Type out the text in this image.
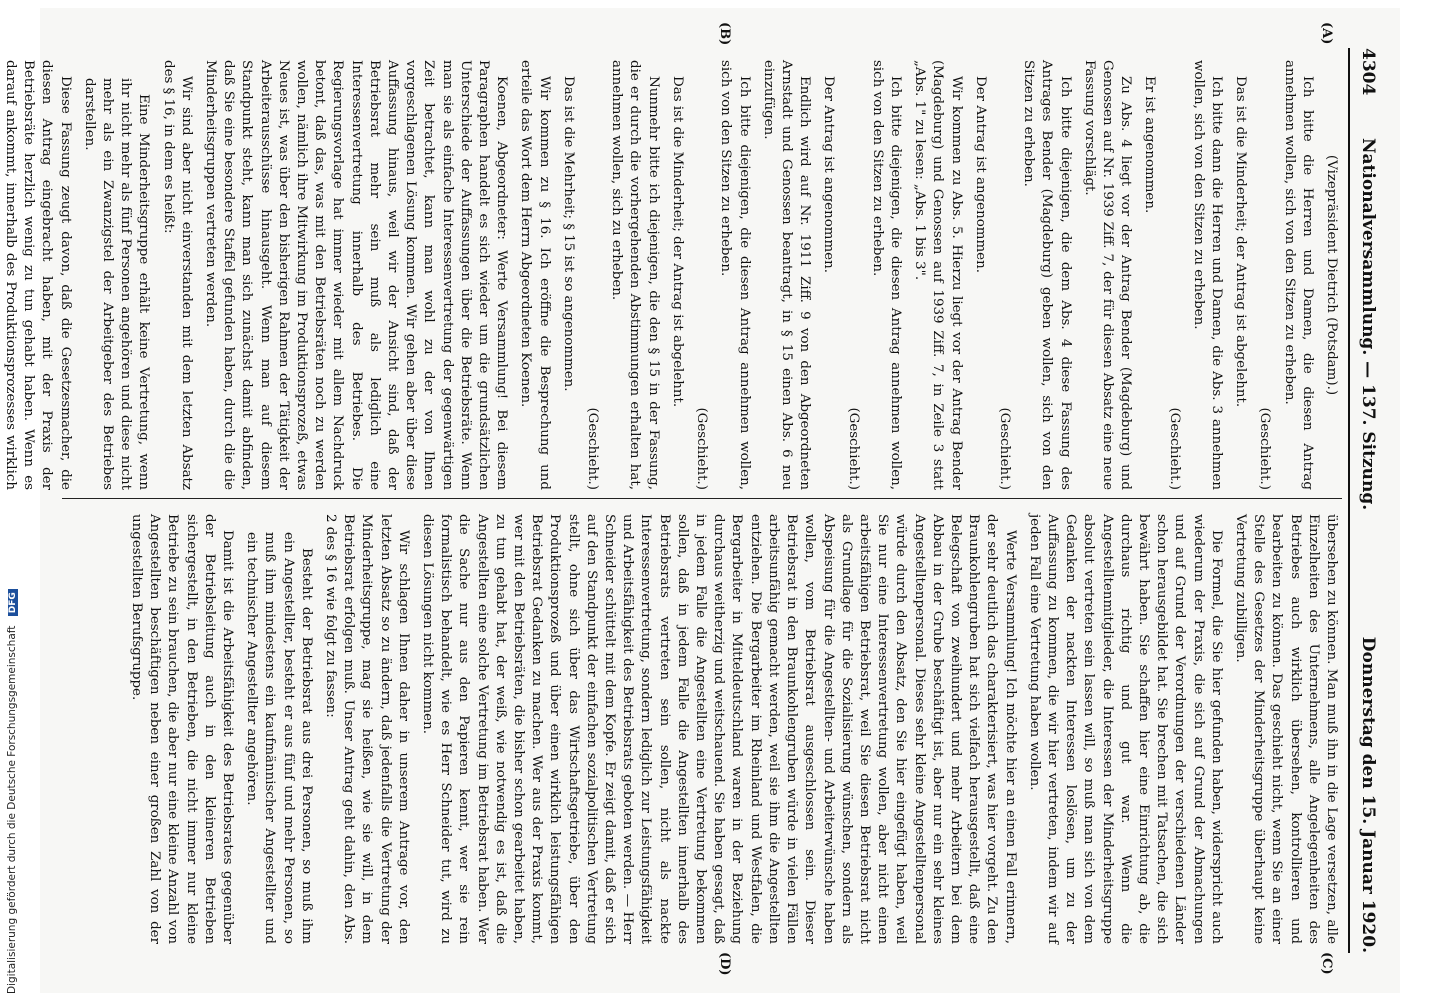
4304
Nationalversammlung. — 137. Sitzung.
Donnerstag den 15. Januar 1920.
(A)
(B)
(C)
(D)

(Vizepräsident Dietrich (Potsdam).)

Ich bitte die Herren und Damen, die diesen Antrag annehmen wollen, sich von den Sitzen zu erheben.

(Geschieht.)

Das ist die Minderheit; der Antrag ist abgelehnt.

Ich bitte dann die Herren und Damen, die Abs. 3 annehmen wollen, sich von den Sitzen zu erheben.

(Geschieht.)

Er ist angenommen.

Zu Abs. 4 liegt vor der Antrag Bender (Magdeburg) und Genossen auf Nr. 1939 Ziff. 7, der für diesen Absatz eine neue Fassung vorschlägt.

Ich bitte diejenigen, die dem Abs. 4 diese Fassung des Antrages Bender (Magdeburg) geben wollen, sich von den Sitzen zu erheben.

(Geschieht.)

Der Antrag ist angenommen.

Wir kommen zu Abs. 5. Hierzu liegt vor der Antrag Bender (Magdeburg) und Genossen auf 1939 Ziff. 7, in Zeile 3 statt „Abs. 1" zu lesen: „Abs. 1 bis 3".

Ich bitte diejenigen, die diesen Antrag annehmen wollen, sich von den Sitzen zu erheben.

(Geschieht.)

Der Antrag ist angenommen.

Endlich wird auf Nr. 1911 Ziff. 9 von den Abgeordneten Arnstadt und Genossen beantragt, in § 15 einen Abs. 6 neu einzufügen.

Ich bitte diejenigen, die diesen Antrag annehmen wollen, sich von den Sitzen zu erheben.

(Geschieht.)

Das ist die Minderheit; der Antrag ist abgelehnt.

Nunmehr bitte ich diejenigen, die den § 15 in der Fassung, die er durch die vorhergehenden Abstimmungen erhalten hat, annehmen wollen, sich zu erheben.

(Geschieht.)

Das ist die Mehrheit; § 15 ist so angenommen.

Wir kommen zu § 16. Ich eröffne die Besprechung und erteile das Wort dem Herrn Abgeordneten Koenen.

Koenen, Abgeordneter: Werte Versammlung! Bei diesem Paragraphen handelt es sich wieder um die grundsätzlichen Unterschiede der Auffassungen über die Betriebsräte. Wenn man sie als einfache Interessenvertretung der gegenwärtigen Zeit betrachtet, kann man wohl zu der von Ihnen vorgeschlagenen Lösung kommen. Wir gehen aber über diese Auffassung hinaus, weil wir der Ansicht sind, daß der Betriebsrat mehr sein muß als lediglich eine Interessenvertretung innerhalb des Betriebes. Die Regierungsvorlage hat immer wieder mit allem Nachdruck betont, daß das, was mit den Betriebsräten noch zu werden wollen, nämlich ihre Mitwirkung im Produktionsprozeß, etwas Neues ist, was über den bisherigen Rahmen der Tätigkeit der Arbeiterausschüsse hinausgeht. Wenn man auf diesem Standpunkt steht, kann man sich zunächst damit abfinden, daß Sie eine besondere Staffel gefunden haben, durch die die Minderheitsgruppen vertreten werden.

Wir sind aber nicht einverstanden mit dem letzten Absatz des § 16, in dem es heißt:

Eine Minderheitsgruppe erhält keine Vertretung, wenn ihr nicht mehr als fünf Personen angehören und diese nicht mehr als ein Zwanzigstel der Arbeitgeber des Betriebes darstellen.

Diese Fassung zeugt davon, daß die Gesetzesmacher, die diesen Antrag eingebracht haben, mit der Praxis der Betriebsräte herzlich wenig zu tun gehabt haben. Wenn es darauf ankommt, innerhalb des Produktionsprozesses wirklich

übersehen zu können. Man muß ihn in die Lage versetzen, alle Einzelheiten des Unternehmens, alle Angelegenheiten des Betriebes auch wirklich übersehen, kontrollieren und bearbeiten zu können. Das geschieht nicht, wenn Sie an einer Stelle des Gesetzes der Minderheitsgruppe überhaupt keine Vertretung zubilligen.

Die Formel, die Sie hier gefunden haben, widerspricht auch wiederum der Praxis, die sich auf Grund der Abmachungen und auf Grund der Verordnungen der verschiedenen Länder schon herausgebildet hat. Sie brechen mit Tatsachen, die sich bewährt haben. Sie schaffen hier eine Einrichtung ab, die durchaus richtig und gut war. Wenn die Angestelltenmitglieder, die Interessen der Minderheitsgruppe absolut vertreten sein lassen will, so muß man sich von dem Gedanken der nackten Interessen loslösen, um zu der Auffassung zu kommen, die wir hier vertreten, indem wir auf jeden Fall eine Vertretung haben wollen.

Werte Versammlung! Ich möchte hier an einen Fall erinnern, der sehr deutlich das charakterisiert, was hier vorgeht. Zu den Braunkohlengruben hat sich vielfach herausgestellt, daß eine Belegschaft von zweihundert und mehr Arbeitern bei dem Abbau in der Grube beschäftigt ist, aber nur ein sehr kleines Angestelltenpersonal. Dieses sehr kleine Angestelltenpersonal würde durch den Absatz, den Sie hier eingefügt haben, weil Sie nur eine Interessenvertretung wollen, aber nicht einen arbeitsfähigen Betriebsrat, weil Sie diesen Betriebsrat nicht als Grundlage für die Sozialisierung wünschen, sondern als Abspeisung für die Angestellten- und Arbeiterwünsche haben wollen, vom Betriebsrat ausgeschlossen sein. Dieser Betriebsrat in den Braunkohlengruben würde in vielen Fällen arbeitsunfähig gemacht werden, weil sie ihm die Angestellten entziehen. Die Bergarbeiter im Rheinland und Westfalen, die Bergarbeiter in Mitteldeutschland waren in der Beziehung durchaus weitherzig und weitschauend. Sie haben gesagt, daß in jedem Falle die Angestellten eine Vertretung bekommen sollen, daß in jedem Falle die Angestellten innerhalb des Betriebsrats vertreten sein sollen, nicht als nackte Interessenvertretung, sondern lediglich zur Leistungsfähigkeit und Arbeitsfähigkeit des Betriebsrats geboten werden. — Herr Schneider schüttelt mit dem Kopfe. Er zeigt damit, daß er sich auf den Standpunkt der einfachen sozialpolitischen Vertretung stellt, ohne sich über das Wirtschaftsgetriebe, über den Produktionsprozeß und über einen wirklich leistungsfähigen Betriebsrat Gedanken zu machen. Wer aus der Praxis kommt, wer mit den Betriebsräten, die bisher schon gearbeitet haben, zu tun gehabt hat, der weiß, wie notwendig es ist, daß die Angestellten eine solche Vertretung im Betriebsrat haben. Wer die Sache nur aus den Papieren kennt, wer sie rein formalistisch behandelt, wie es Herr Schneider tut, wird zu diesen Lösungen nicht kommen.

Wir schlagen Ihnen daher in unserem Antrage vor, den letzten Absatz so zu ändern, daß jedenfalls die Vertretung der Minderheitsgruppe, mag sie heißen, wie sie will, in dem Betriebsrat erfolgen muß. Unser Antrag geht dahin, den Abs. 2 des § 16 wie folgt zu fassen:

Besteht der Betriebsrat aus drei Personen, so muß ihm ein Angestellter, besteht er aus fünf und mehr Personen, so muß ihm mindestens ein kaufmännischer Angestellter und ein technischer Angestellter angehören.

Damit ist die Arbeitsfähigkeit des Betriebsrates gegenüber der Betriebsleitung auch in den kleineren Betrieben sichergestellt, in den Betrieben, die nicht immer nur kleine Betriebe zu sein brauchen, die aber nur eine kleine Anzahl von Angestellten beschäftigen neben einer großen Zahl von der ungestellten Berufsgruppe.

Digitalisierung gefördert durch die Deutsche Forschungsgemeinschaft DFG
